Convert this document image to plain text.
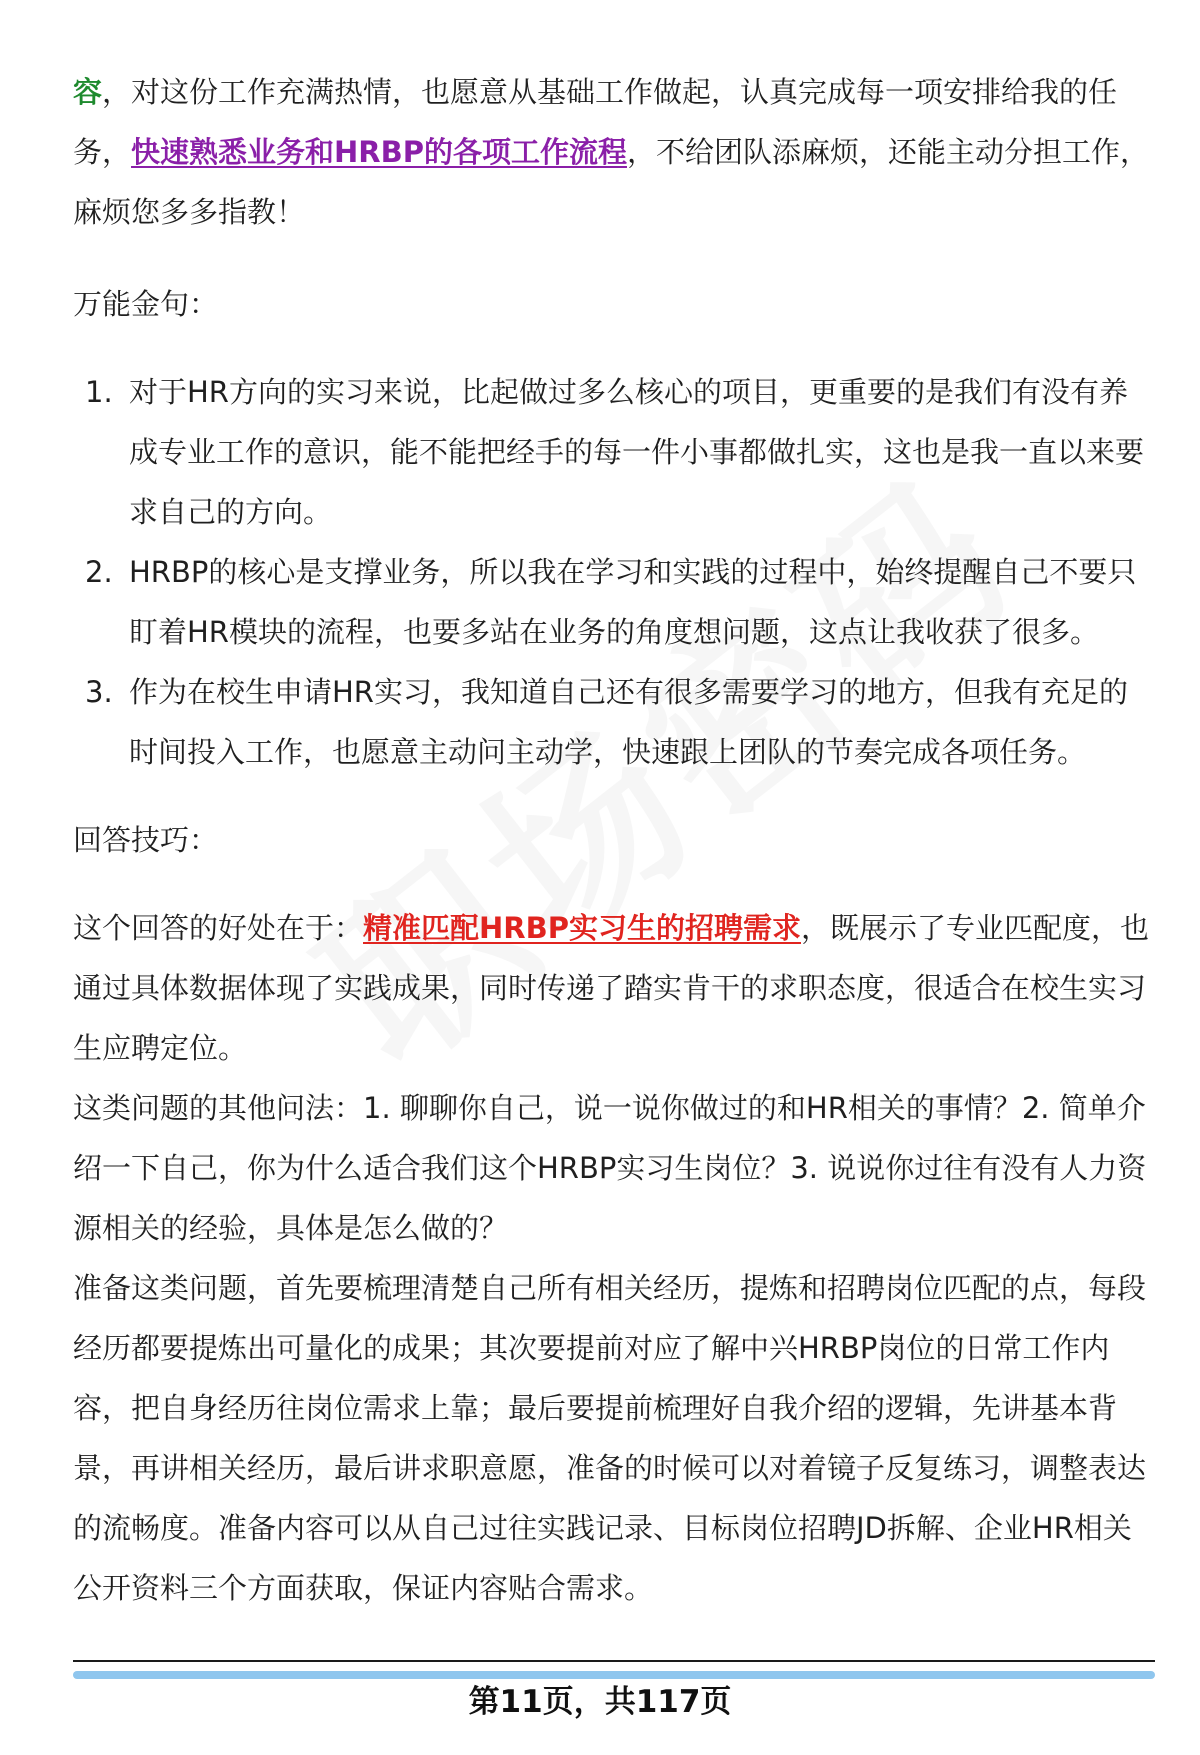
容，对这份工作充满热情，也愿意从基础工作做起，认真完成每一项安排给我的任务，快速熟悉业务和HRBP的各项工作流程，不给团队添麻烦，还能主动分担工作，麻烦您多多指教！

万能金句：

1. 对于HR方向的实习来说，比起做过多么核心的项目，更重要的是我们有没有养成专业工作的意识，能不能把经手的每一件小事都做扎实，这也是我一直以来要求自己的方向。
2. HRBP的核心是支撑业务，所以我在学习和实践的过程中，始终提醒自己不要只盯着HR模块的流程，也要多站在业务的角度想问题，这点让我收获了很多。
3. 作为在校生申请HR实习，我知道自己还有很多需要学习的地方，但我有充足的时间投入工作，也愿意主动问主动学，快速跟上团队的节奏完成各项任务。

回答技巧：

这个回答的好处在于：精准匹配HRBP实习生的招聘需求，既展示了专业匹配度，也通过具体数据体现了实践成果，同时传递了踏实肯干的求职态度，很适合在校生实习生应聘定位。

这类问题的其他问法：1. 聊聊你自己，说一说你做过的和HR相关的事情？2. 简单介绍一下自己，你为什么适合我们这个HRBP实习生岗位？3. 说说你过往有没有人力资源相关的经验，具体是怎么做的？

准备这类问题，首先要梳理清楚自己所有相关经历，提炼和招聘岗位匹配的点，每段经历都要提炼出可量化的成果；其次要提前对应了解中兴HRBP岗位的日常工作内容，把自身经历往岗位需求上靠；最后要提前梳理好自我介绍的逻辑，先讲基本背景，再讲相关经历，最后讲求职意愿，准备的时候可以对着镜子反复练习，调整表达的流畅度。准备内容可以从自己过往实践记录、目标岗位招聘JD拆解、企业HR相关公开资料三个方面获取，保证内容贴合需求。

第11页，共117页
